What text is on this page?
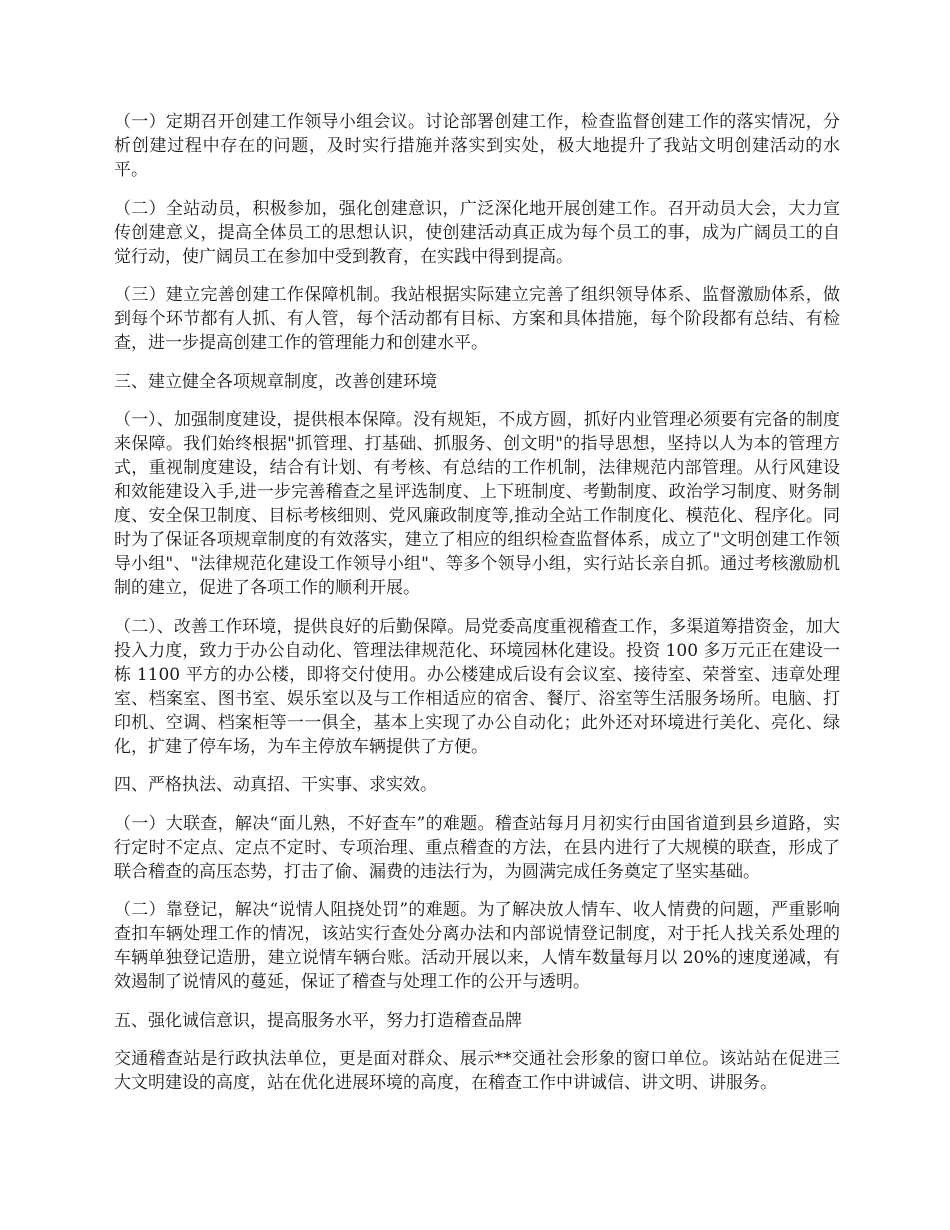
（一）定期召开创建工作领导小组会议。讨论部署创建工作，检查监督创建工作的落实情况，分析创建过程中存在的问题，及时实行措施并落实到实处，极大地提升了我站文明创建活动的水平。

（二）全站动员，积极参加，强化创建意识，广泛深化地开展创建工作。召开动员大会，大力宣传创建意义，提高全体员工的思想认识，使创建活动真正成为每个员工的事，成为广阔员工的自觉行动，使广阔员工在参加中受到教育，在实践中得到提高。

（三）建立完善创建工作保障机制。我站根据实际建立完善了组织领导体系、监督激励体系，做到每个环节都有人抓、有人管，每个活动都有目标、方案和具体措施，每个阶段都有总结、有检查，进一步提高创建工作的管理能力和创建水平。

三、建立健全各项规章制度，改善创建环境

（一）、加强制度建设，提供根本保障。没有规矩，不成方圆，抓好内业管理必须要有完备的制度来保障。我们始终根据"抓管理、打基础、抓服务、创文明"的指导思想，坚持以人为本的管理方式，重视制度建设，结合有计划、有考核、有总结的工作机制，法律规范内部管理。从行风建设和效能建设入手,进一步完善稽查之星评选制度、上下班制度、考勤制度、政治学习制度、财务制度、安全保卫制度、目标考核细则、党风廉政制度等,推动全站工作制度化、模范化、程序化。同时为了保证各项规章制度的有效落实，建立了相应的组织检查监督体系，成立了"文明创建工作领导小组"、"法律规范化建设工作领导小组"、等多个领导小组，实行站长亲自抓。通过考核激励机制的建立，促进了各项工作的顺利开展。

（二）、改善工作环境，提供良好的后勤保障。局党委高度重视稽查工作，多渠道筹措资金，加大投入力度，致力于办公自动化、管理法律规范化、环境园林化建设。投资 100 多万元正在建设一栋 1100 平方的办公楼，即将交付使用。办公楼建成后设有会议室、接待室、荣誉室、违章处理室、档案室、图书室、娱乐室以及与工作相适应的宿舍、餐厅、浴室等生活服务场所。电脑、打印机、空调、档案柜等一一俱全，基本上实现了办公自动化；此外还对环境进行美化、亮化、绿化，扩建了停车场，为车主停放车辆提供了方便。

四、严格执法、动真招、干实事、求实效。

（一）大联查，解决“面儿熟，不好查车”的难题。稽查站每月月初实行由国省道到县乡道路，实行定时不定点、定点不定时、专项治理、重点稽查的方法，在县内进行了大规模的联查，形成了联合稽查的高压态势，打击了偷、漏费的违法行为，为圆满完成任务奠定了坚实基础。

（二）靠登记，解决“说情人阻挠处罚”的难题。为了解决放人情车、收人情费的问题，严重影响查扣车辆处理工作的情况，该站实行查处分离办法和内部说情登记制度，对于托人找关系处理的车辆单独登记造册，建立说情车辆台账。活动开展以来，人情车数量每月以 20%的速度递减，有效遏制了说情风的蔓延，保证了稽查与处理工作的公开与透明。

五、强化诚信意识，提高服务水平，努力打造稽查品牌

交通稽查站是行政执法单位，更是面对群众、展示**交通社会形象的窗口单位。该站站在促进三大文明建设的高度，站在优化进展环境的高度，在稽查工作中讲诚信、讲文明、讲服务。
